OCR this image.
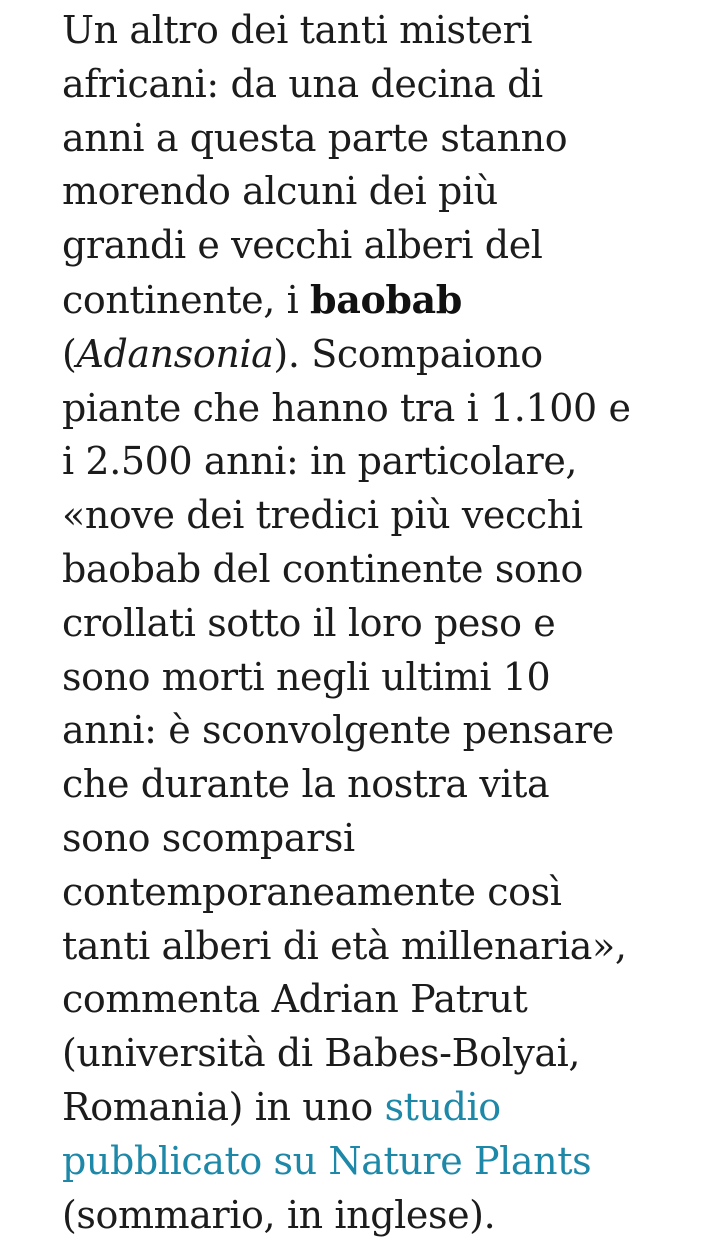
Un altro dei tanti misteri
africani: da una decina di
anni a questa parte stanno
morendo alcuni dei più
grandi e vecchi alberi del
continente, i baobab
(Adansonia). Scompaiono
piante che hanno tra i 1.100 e
i 2.500 anni: in particolare,
«nove dei tredici più vecchi
baobab del continente sono
crollati sotto il loro peso e
sono morti negli ultimi 10
anni: è sconvolgente pensare
che durante la nostra vita
sono scomparsi
contemporaneamente così
tanti alberi di età millenaria»,
commenta Adrian Patrut
(università di Babes-Bolyai,
Romania) in uno studio
pubblicato su Nature Plants
(sommario, in inglese).
